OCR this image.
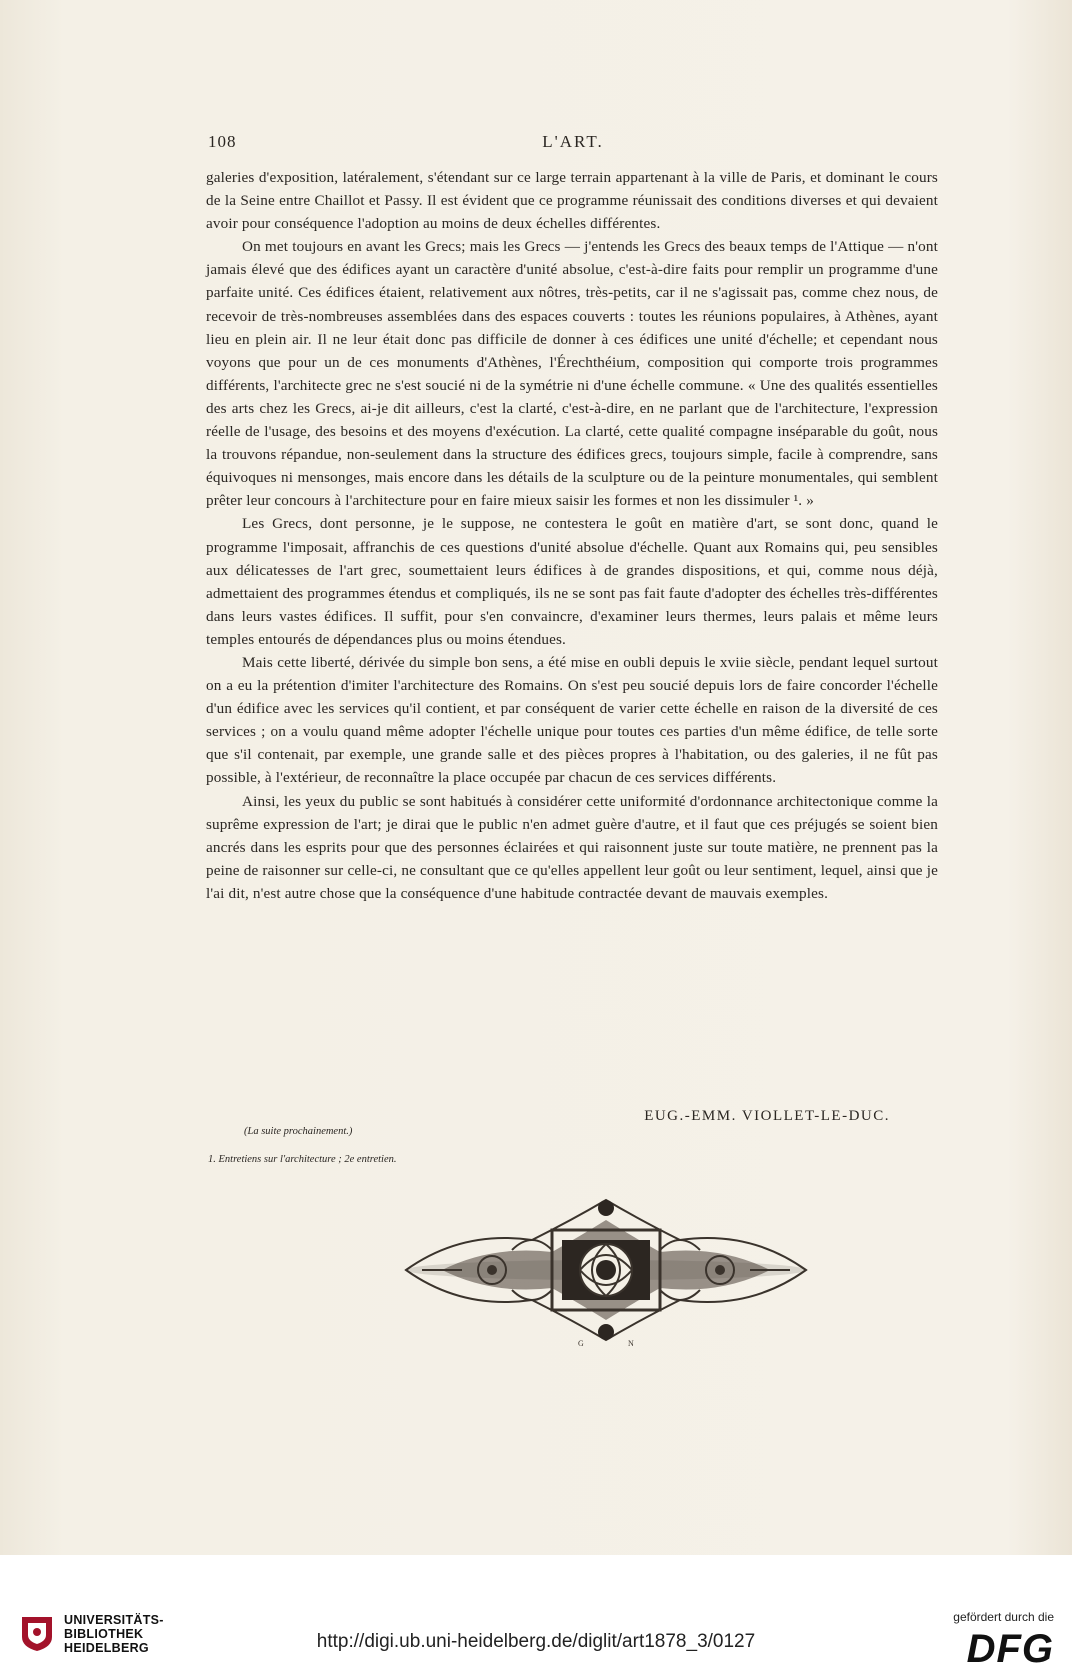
108	L'ART.

galeries d'exposition, latéralement, s'étendant sur ce large terrain appartenant à la ville de Paris, et dominant le cours de la Seine entre Chaillot et Passy. Il est évident que ce programme réunissait des conditions diverses et qui devaient avoir pour conséquence l'adoption au moins de deux échelles différentes.

On met toujours en avant les Grecs; mais les Grecs — j'entends les Grecs des beaux temps de l'Attique — n'ont jamais élevé que des édifices ayant un caractère d'unité absolue, c'est-à-dire faits pour remplir un programme d'une parfaite unité. Ces édifices étaient, relativement aux nôtres, très-petits, car il ne s'agissait pas, comme chez nous, de recevoir de très-nombreuses assemblées dans des espaces couverts : toutes les réunions populaires, à Athènes, ayant lieu en plein air. Il ne leur était donc pas difficile de donner à ces édifices une unité d'échelle; et cependant nous voyons que pour un de ces monuments d'Athènes, l'Érechthéium, composition qui comporte trois programmes différents, l'architecte grec ne s'est soucié ni de la symétrie ni d'une échelle commune. « Une des qualités essentielles des arts chez les Grecs, ai-je dit ailleurs, c'est la clarté, c'est-à-dire, en ne parlant que de l'architecture, l'expression réelle de l'usage, des besoins et des moyens d'exécution. La clarté, cette qualité compagne inséparable du goût, nous la trouvons répandue, non-seulement dans la structure des édifices grecs, toujours simple, facile à comprendre, sans équivoques ni mensonges, mais encore dans les détails de la sculpture ou de la peinture monumentales, qui semblent prêter leur concours à l'architecture pour en faire mieux saisir les formes et non les dissimuler ¹. »

Les Grecs, dont personne, je le suppose, ne contestera le goût en matière d'art, se sont donc, quand le programme l'imposait, affranchis de ces questions d'unité absolue d'échelle. Quant aux Romains qui, peu sensibles aux délicatesses de l'art grec, soumettaient leurs édifices à de grandes dispositions, et qui, comme nous déjà, admettaient des programmes étendus et compliqués, ils ne se sont pas fait faute d'adopter des échelles très-différentes dans leurs vastes édifices. Il suffit, pour s'en convaincre, d'examiner leurs thermes, leurs palais et même leurs temples entourés de dépendances plus ou moins étendues.

Mais cette liberté, dérivée du simple bon sens, a été mise en oubli depuis le xviie siècle, pendant lequel surtout on a eu la prétention d'imiter l'architecture des Romains. On s'est peu soucié depuis lors de faire concorder l'échelle d'un édifice avec les services qu'il contient, et par conséquent de varier cette échelle en raison de la diversité de ces services ; on a voulu quand même adopter l'échelle unique pour toutes ces parties d'un même édifice, de telle sorte que s'il contenait, par exemple, une grande salle et des pièces propres à l'habitation, ou des galeries, il ne fût pas possible, à l'extérieur, de reconnaître la place occupée par chacun de ces services différents.

Ainsi, les yeux du public se sont habitués à considérer cette uniformité d'ordonnance architectonique comme la suprême expression de l'art; je dirai que le public n'en admet guère d'autre, et il faut que ces préjugés se soient bien ancrés dans les esprits pour que des personnes éclairées et qui raisonnent juste sur toute matière, ne prennent pas la peine de raisonner sur celle-ci, ne consultant que ce qu'elles appellent leur goût ou leur sentiment, lequel, ainsi que je l'ai dit, n'est autre chose que la conséquence d'une habitude contractée devant de mauvais exemples.

EUG.-EMM. VIOLLET-LE-DUC.
(La suite prochainement.)
1. Entretiens sur l'architecture ; 2e entretien.
G	N
UNIVERSITÄTS-
BIBLIOTHEK
HEIDELBERG	http://digi.ub.uni-heidelberg.de/diglit/art1878_3/0127
gefördert durch die
DFG
